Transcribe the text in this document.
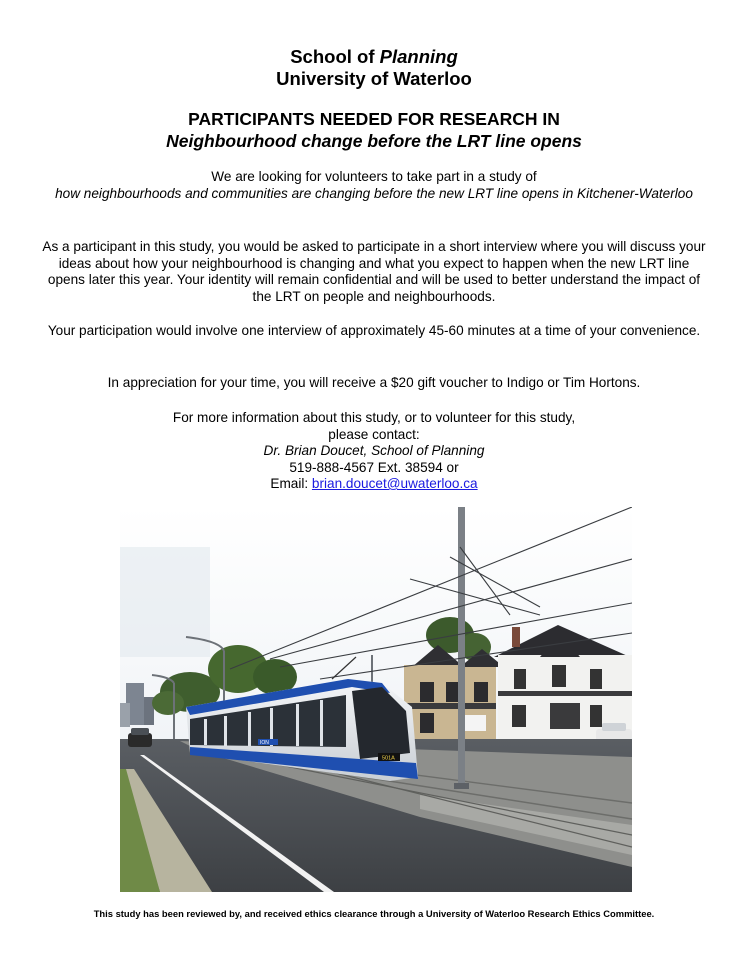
School of Planning
University of Waterloo
PARTICIPANTS NEEDED FOR RESEARCH IN
Neighbourhood change before the LRT line opens
We are looking for volunteers to take part in a study of
how neighbourhoods and communities are changing before the new LRT line opens in Kitchener-Waterloo
As a participant in this study, you would be asked to participate in a short interview where you will discuss your ideas about how your neighbourhood is changing and what you expect to happen when the new LRT line opens later this year. Your identity will remain confidential and will be used to better understand the impact of the LRT on people and neighbourhoods.
Your participation would involve one interview of approximately 45-60 minutes at a time of your convenience.
In appreciation for your time, you will receive a $20 gift voucher to Indigo or Tim Hortons.
For more information about this study, or to volunteer for this study,
please contact:
Dr. Brian Doucet, School of Planning
519-888-4567 Ext. 38594 or
Email: brian.doucet@uwaterloo.ca
501A
ION
This study has been reviewed by, and received ethics clearance through a University of Waterloo Research Ethics Committee.
